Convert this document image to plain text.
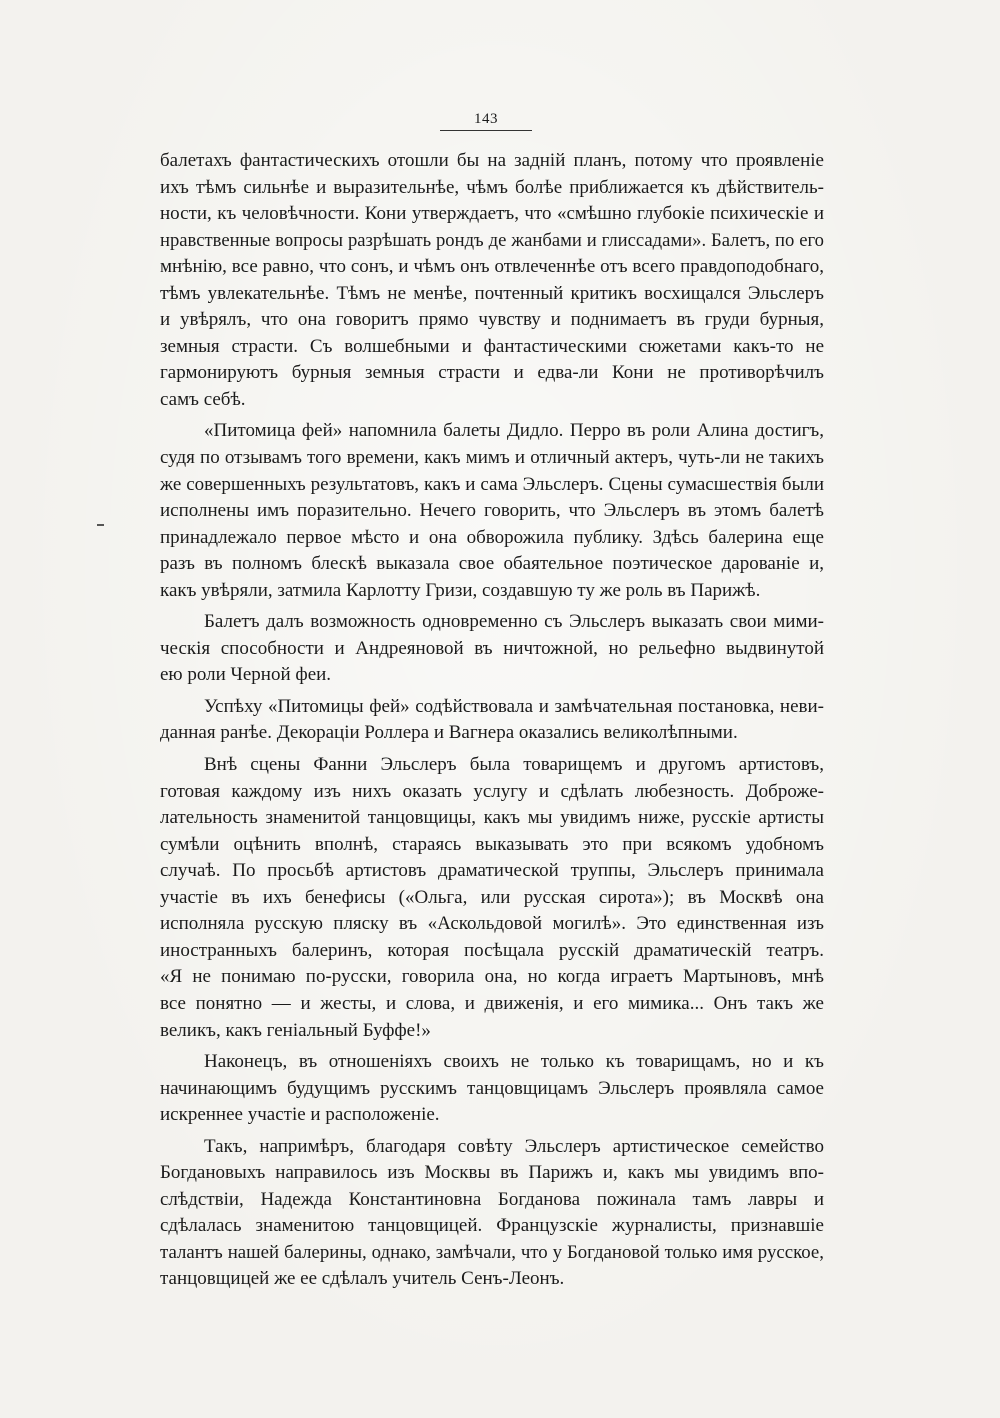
143
балетахъ фантастическихъ отошли бы на заднiй планъ, потому что проявленiе
ихъ тѣмъ сильнѣе и выразительнѣе, чѣмъ болѣе приближается къ дѣйствитель-
ности, къ человѣчности. Кони утверждаетъ, что «смѣшно глубокiе психическiе и
нравственные вопросы разрѣшать рондъ де жанбами и глиссадами». Балетъ, по его
мнѣнiю, все равно, что сонъ, и чѣмъ онъ отвлеченнѣе отъ всего правдоподобнаго,
тѣмъ увлекательнѣе. Тѣмъ не менѣе, почтенный критикъ восхищался Эльслеръ
и увѣрялъ, что она говоритъ прямо чувству и поднимаетъ въ груди бурныя,
земныя страсти. Съ волшебными и фантастическими сюжетами какъ-то не
гармонируютъ бурныя земныя страсти и едва-ли Кони не противорѣчилъ
самъ себѣ.
«Питомица фей» напомнила балеты Дидло. Перро въ роли Алина достигъ,
судя по отзывамъ того времени, какъ мимъ и отличный актеръ, чуть-ли не такихъ
же совершенныхъ результатовъ, какъ и сама Эльслеръ. Сцены сумасшествiя были
исполнены имъ поразительно. Нечего говорить, что Эльслеръ въ этомъ балетѣ
принадлежало первое мѣсто и она обворожила публику. Здѣсь балерина еще
разъ въ полномъ блескѣ выказала свое обаятельное поэтическое дарованiе и,
какъ увѣряли, затмила Карлотту Гризи, создавшую ту же роль въ Парижѣ.
Балетъ далъ возможность одновременно съ Эльслеръ выказать свои мими-
ческiя способности и Андреяновой въ ничтожной, но рельефно выдвинутой
ею роли Черной феи.
Успѣху «Питомицы фей» содѣйствовала и замѣчательная постановка, неви-
данная ранѣе. Декорацiи Роллера и Вагнера оказались великолѣпными.
Внѣ сцены Фанни Эльслеръ была товарищемъ и другомъ артистовъ,
готовая каждому изъ нихъ оказать услугу и сдѣлать любезность. Доброже-
лательность знаменитой танцовщицы, какъ мы увидимъ ниже, русскiе артисты
сумѣли оцѣнить вполнѣ, стараясь выказывать это при всякомъ удобномъ
случаѣ. По просьбѣ артистовъ драматической труппы, Эльслеръ принимала
участiе въ ихъ бенефисы («Ольга, или русская сирота»); въ Москвѣ она
исполняла русскую пляску въ «Аскольдовой могилѣ». Это единственная изъ
иностранныхъ балеринъ, которая посѣщала русскiй драматическiй театръ.
«Я не понимаю по-русски, говорила она, но когда играетъ Мартыновъ, мнѣ
все понятно — и жесты, и слова, и движенiя, и его мимика... Онъ такъ же
великъ, какъ генiальный Буффе!»
Наконецъ, въ отношенiяхъ своихъ не только къ товарищамъ, но и къ
начинающимъ будущимъ русскимъ танцовщицамъ Эльслеръ проявляла самое
искреннее участiе и расположенiе.
Такъ, напримѣръ, благодаря совѣту Эльслеръ артистическое семейство
Богдановыхъ направилось изъ Москвы въ Парижъ и, какъ мы увидимъ впо-
слѣдствiи, Надежда Константиновна Богданова пожинала тамъ лавры и
сдѣлалась знаменитою танцовщицей. Французскiе журналисты, признавшiе
талантъ нашей балерины, однако, замѣчали, что у Богдановой только имя русское,
танцовщицей же ее сдѣлалъ учитель Сенъ-Леонъ.
